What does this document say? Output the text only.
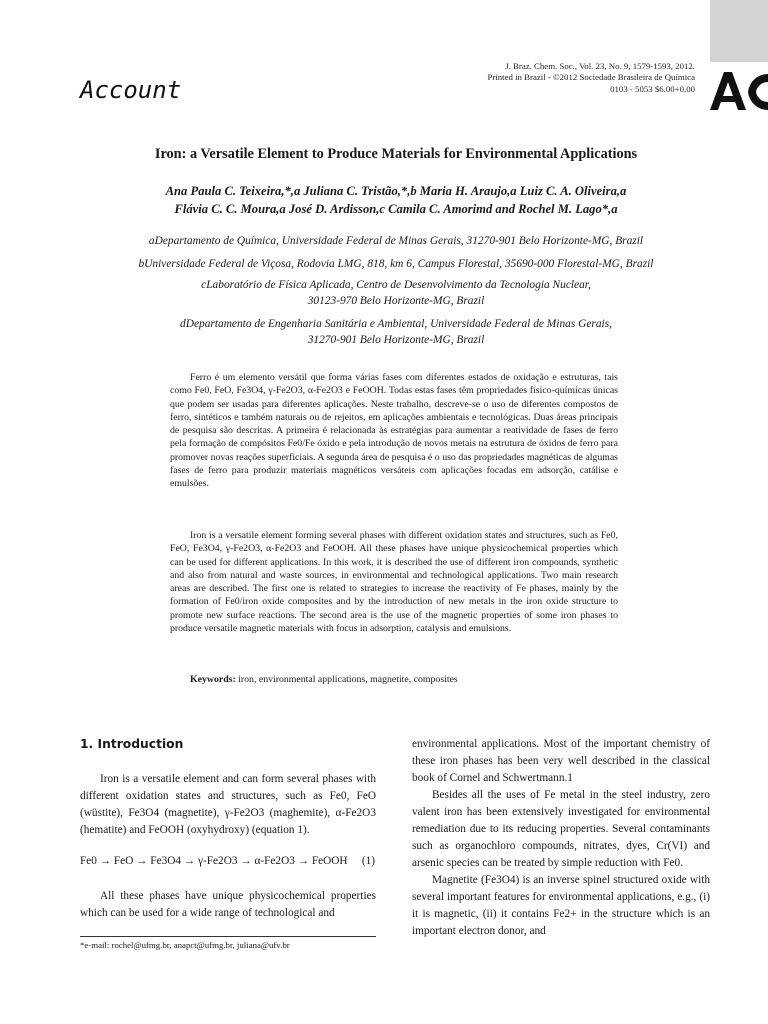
Account
J. Braz. Chem. Soc., Vol. 23, No. 9, 1579-1593, 2012.
Printed in Brazil - ©2012 Sociedade Brasileira de Química
0103 - 5053 $6.00+0.00
Iron: a Versatile Element to Produce Materials for Environmental Applications
Ana Paula C. Teixeira,*,a Juliana C. Tristão,*,b Maria H. Araujo,a Luiz C. A. Oliveira,a
Flávia C. C. Moura,a José D. Ardisson,c Camila C. Amorimd and Rochel M. Lago*,a
aDepartamento de Química, Universidade Federal de Minas Gerais, 31270-901 Belo Horizonte-MG, Brazil
bUniversidade Federal de Viçosa, Rodovia LMG, 818, km 6, Campus Florestal, 35690-000 Florestal-MG, Brazil
cLaboratório de Física Aplicada, Centro de Desenvolvimento da Tecnologia Nuclear,
30123-970 Belo Horizonte-MG, Brazil
dDepartamento de Engenharia Sanitária e Ambiental, Universidade Federal de Minas Gerais,
31270-901 Belo Horizonte-MG, Brazil

Ferro é um elemento versátil que forma várias fases com diferentes estados de oxidação e estruturas, tais como Fe0, FeO, Fe3O4, γ-Fe2O3, α-Fe2O3 e FeOOH. Todas estas fases têm propriedades físico-químicas únicas que podem ser usadas para diferentes aplicações. Neste trabalho, descreve-se o uso de diferentes compostos de ferro, sintéticos e também naturais ou de rejeitos, em aplicações ambientais e tecnológicas. Duas áreas principais de pesquisa são descritas. A primeira é relacionada às estratégias para aumentar a reatividade de fases de ferro pela formação de compósitos Fe0/Fe óxido e pela introdução de novos metais na estrutura de óxidos de ferro para promover novas reações superficiais. A segunda área de pesquisa é o uso das propriedades magnéticas de algumas fases de ferro para produzir materiais magnéticos versáteis com aplicações focadas em adsorção, catálise e emulsões.

Iron is a versatile element forming several phases with different oxidation states and structures, such as Fe0, FeO, Fe3O4, γ-Fe2O3, α-Fe2O3 and FeOOH. All these phases have unique physicochemical properties which can be used for different applications. In this work, it is described the use of different iron compounds, synthetic and also from natural and waste sources, in environmental and technological applications. Two main research areas are described. The first one is related to strategies to increase the reactivity of Fe phases, mainly by the formation of Fe0/iron oxide composites and by the introduction of new metals in the iron oxide structure to promote new surface reactions. The second area is the use of the magnetic properties of some iron phases to produce versatile magnetic materials with focus in adsorption, catalysis and emulsions.

Keywords: iron, environmental applications, magnetite, composites
1. Introduction

Iron is a versatile element and can form several phases with different oxidation states and structures, such as Fe0, FeO (wüstite), Fe3O4 (magnetite), γ-Fe2O3 (maghemite), α-Fe2O3 (hematite) and FeOOH (oxyhydroxy) (equation 1).

Fe0 → FeO → Fe3O4 → γ-Fe2O3 → α-Fe2O3 → FeOOH (1)

All these phases have unique physicochemical properties which can be used for a wide range of technological and

*e-mail: rochel@ufmg.br, anapct@ufmg.br, juliana@ufv.br

environmental applications. Most of the important chemistry of these iron phases has been very well described in the classical book of Cornel and Schwertmann.1

Besides all the uses of Fe metal in the steel industry, zero valent iron has been extensively investigated for environmental remediation due to its reducing properties. Several contaminants such as organochloro compounds, nitrates, dyes, Cr(VI) and arsenic species can be treated by simple reduction with Fe0.

Magnetite (Fe3O4) is an inverse spinel structured oxide with several important features for environmental applications, e.g., (i) it is magnetic, (ii) it contains Fe2+ in the structure which is an important electron donor, and
